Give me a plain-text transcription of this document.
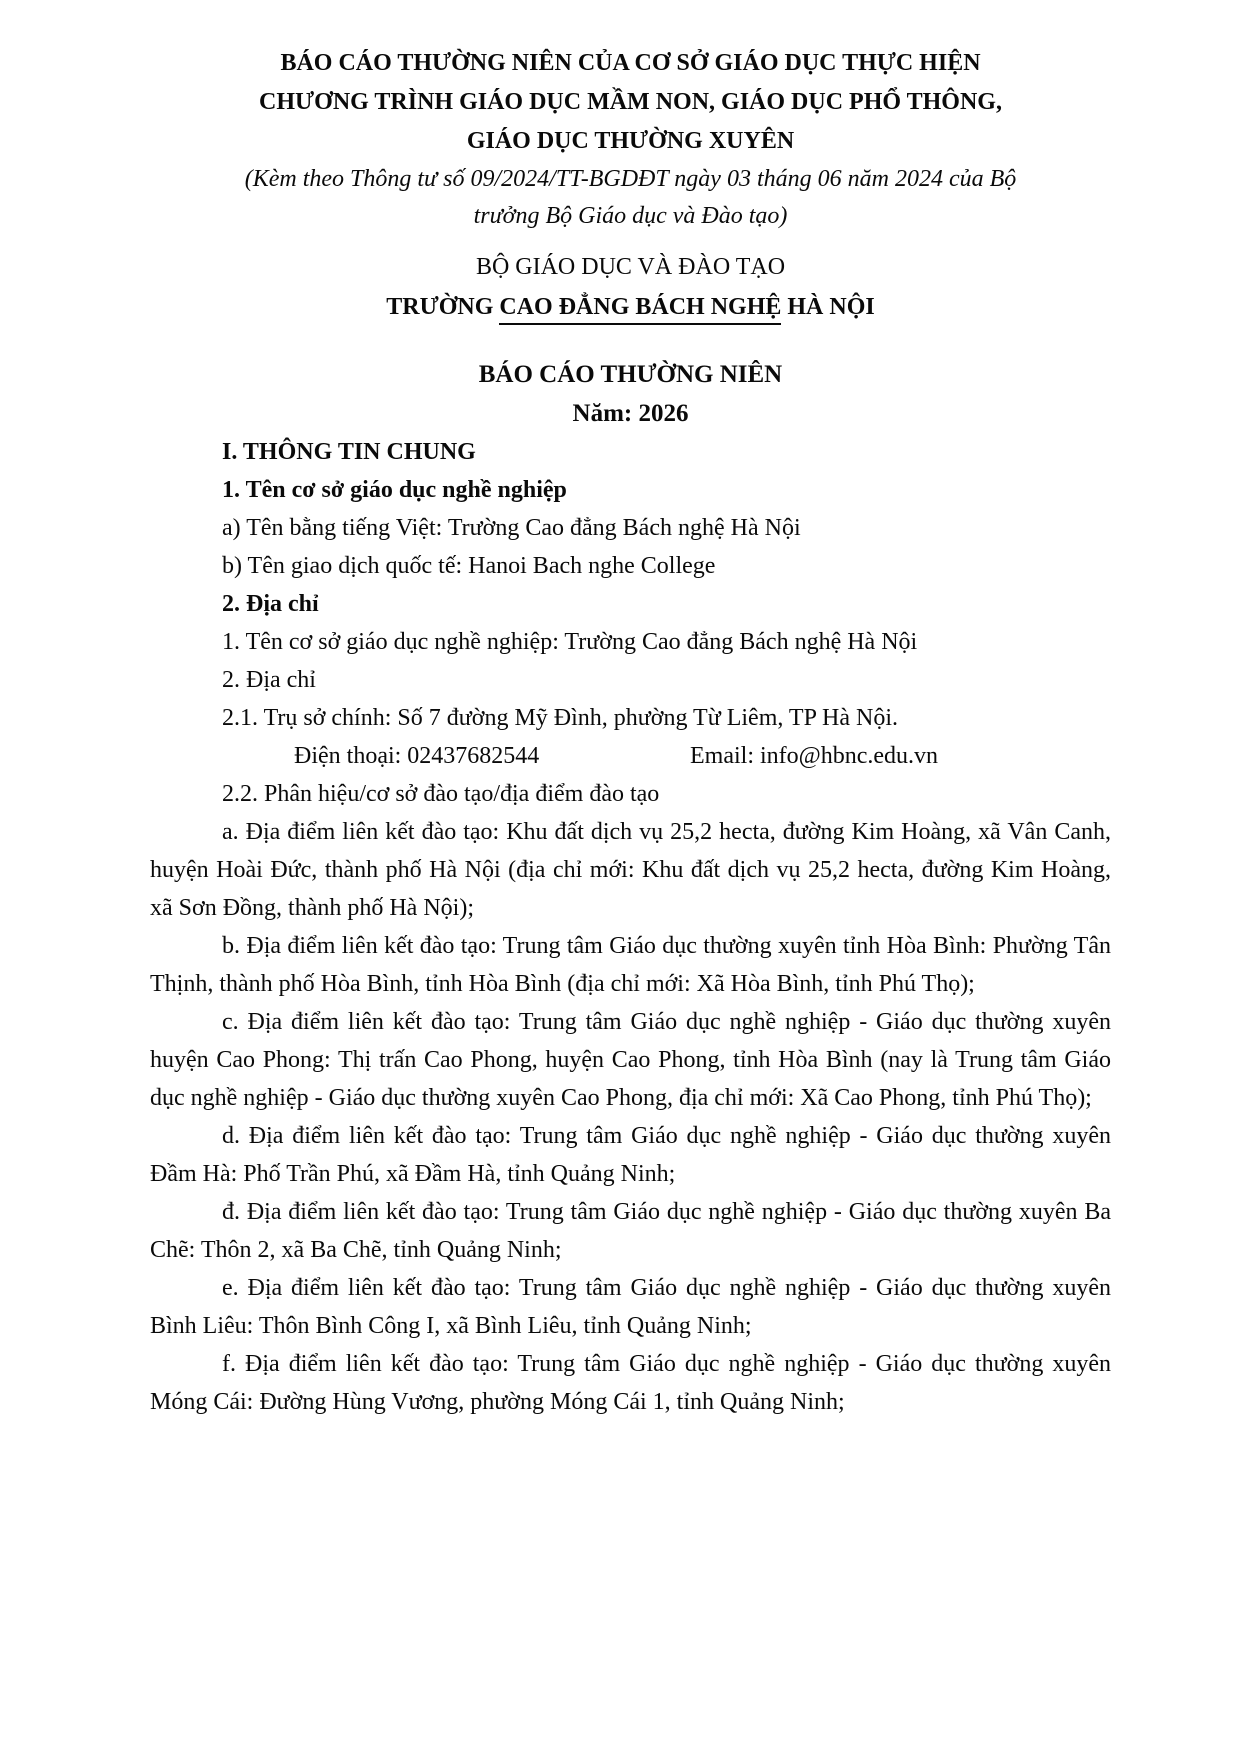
BÁO CÁO THƯỜNG NIÊN CỦA CƠ SỞ GIÁO DỤC THỰC HIỆN
CHƯƠNG TRÌNH GIÁO DỤC MẦM NON, GIÁO DỤC PHỔ THÔNG,
GIÁO DỤC THƯỜNG XUYÊN
(Kèm theo Thông tư số 09/2024/TT-BGDĐT ngày 03 tháng 06 năm 2024 của Bộ
trưởng Bộ Giáo dục và Đào tạo)
BỘ GIÁO DỤC VÀ ĐÀO TẠO
TRƯỜNG CAO ĐẲNG BÁCH NGHỆ HÀ NỘI
BÁO CÁO THƯỜNG NIÊN
Năm: 2026
I. THÔNG TIN CHUNG
1. Tên cơ sở giáo dục nghề nghiệp
a) Tên bằng tiếng Việt: Trường Cao đẳng Bách nghệ Hà Nội
b) Tên giao dịch quốc tế: Hanoi Bach nghe College
2. Địa chỉ
1. Tên cơ sở giáo dục nghề nghiệp: Trường Cao đẳng Bách nghệ Hà Nội
2. Địa chỉ
2.1. Trụ sở chính: Số 7 đường Mỹ Đình, phường Từ Liêm, TP Hà Nội.
Điện thoại: 02437682544	Email: info@hbnc.edu.vn
2.2. Phân hiệu/cơ sở đào tạo/địa điểm đào tạo
a. Địa điểm liên kết đào tạo: Khu đất dịch vụ 25,2 hecta, đường Kim Hoàng, xã Vân Canh, huyện Hoài Đức, thành phố Hà Nội (địa chỉ mới: Khu đất dịch vụ 25,2 hecta, đường Kim Hoàng, xã Sơn Đồng, thành phố Hà Nội);
b. Địa điểm liên kết đào tạo: Trung tâm Giáo dục thường xuyên tỉnh Hòa Bình: Phường Tân Thịnh, thành phố Hòa Bình, tỉnh Hòa Bình (địa chỉ mới: Xã Hòa Bình, tỉnh Phú Thọ);
c. Địa điểm liên kết đào tạo: Trung tâm Giáo dục nghề nghiệp - Giáo dục thường xuyên huyện Cao Phong: Thị trấn Cao Phong, huyện Cao Phong, tỉnh Hòa Bình (nay là Trung tâm Giáo dục nghề nghiệp - Giáo dục thường xuyên Cao Phong, địa chỉ mới: Xã Cao Phong, tỉnh Phú Thọ);
d. Địa điểm liên kết đào tạo: Trung tâm Giáo dục nghề nghiệp - Giáo dục thường xuyên Đầm Hà: Phố Trần Phú, xã Đầm Hà, tỉnh Quảng Ninh;
đ. Địa điểm liên kết đào tạo: Trung tâm Giáo dục nghề nghiệp - Giáo dục thường xuyên Ba Chẽ: Thôn 2, xã Ba Chẽ, tỉnh Quảng Ninh;
e. Địa điểm liên kết đào tạo: Trung tâm Giáo dục nghề nghiệp - Giáo dục thường xuyên Bình Liêu: Thôn Bình Công I, xã Bình Liêu, tỉnh Quảng Ninh;
f. Địa điểm liên kết đào tạo: Trung tâm Giáo dục nghề nghiệp - Giáo dục thường xuyên Móng Cái: Đường Hùng Vương, phường Móng Cái 1, tỉnh Quảng Ninh;
